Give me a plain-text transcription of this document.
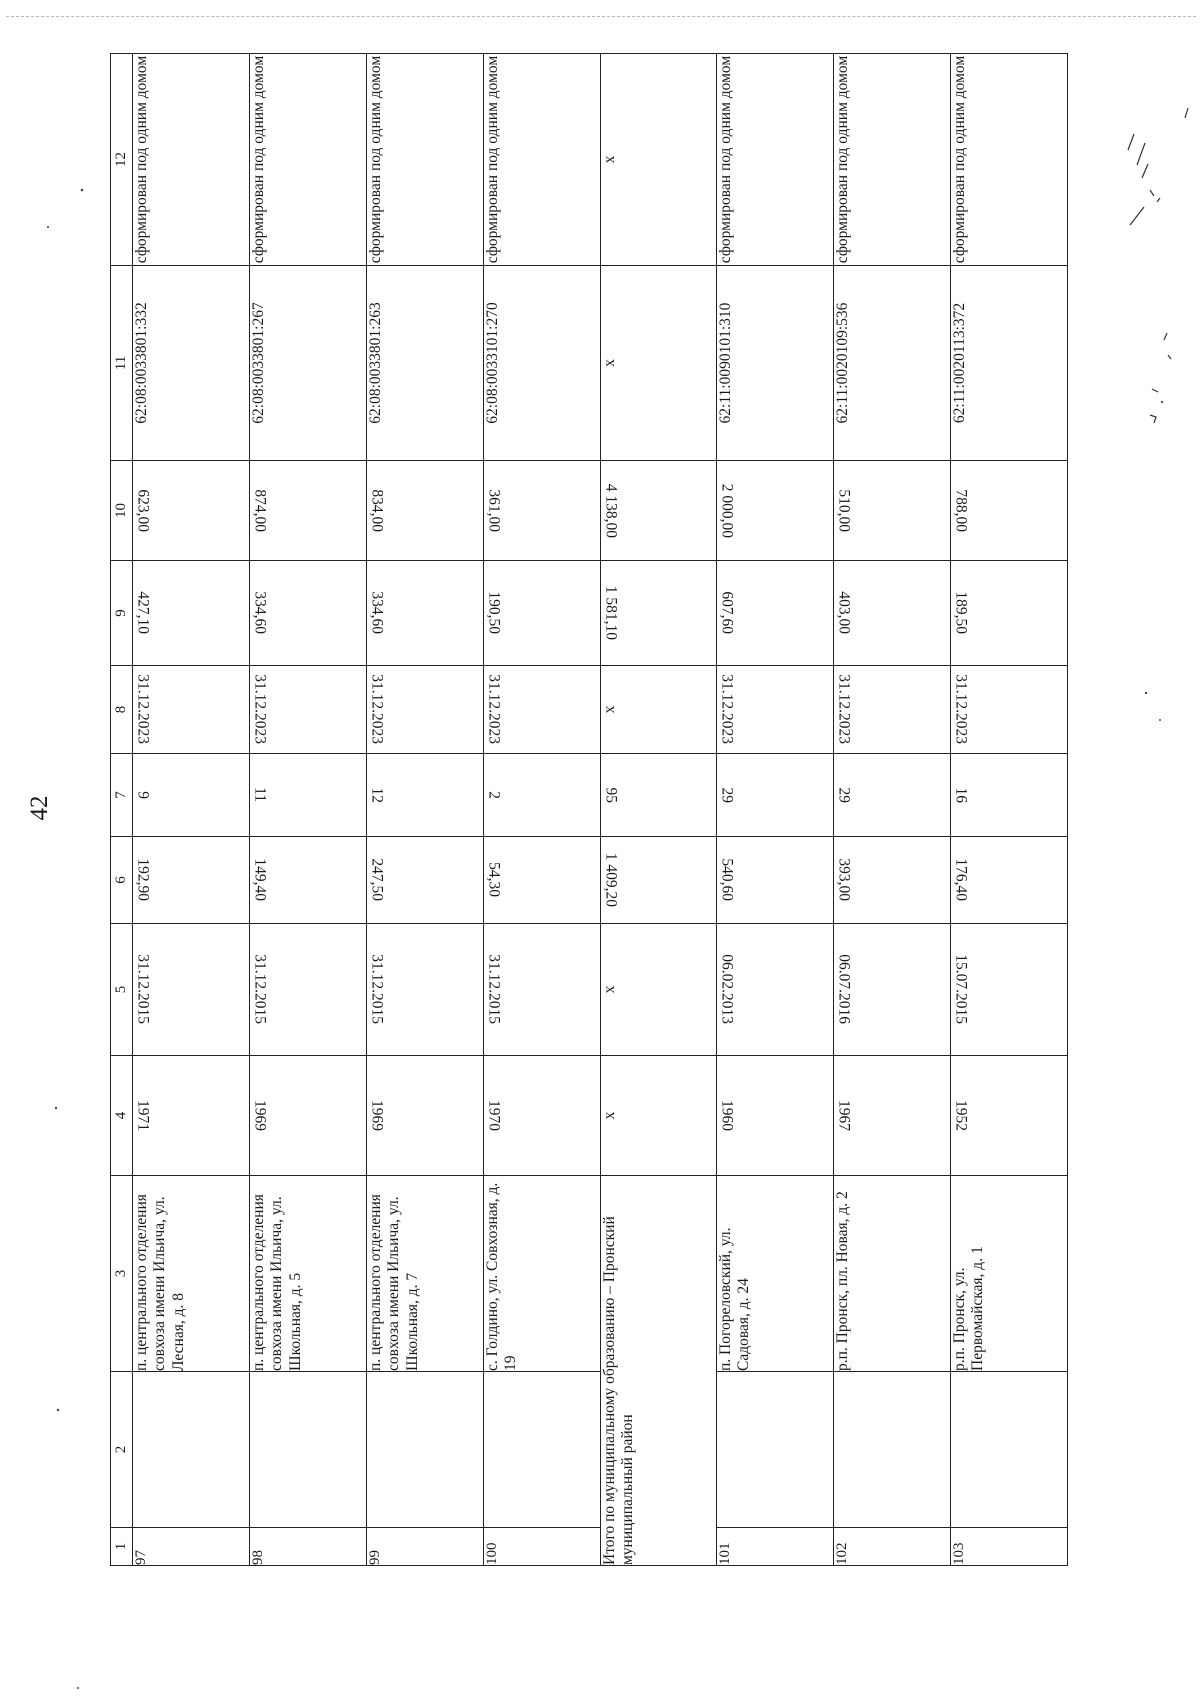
42
1	2	3	4	5	6	7	8	9	10	11	12
97		п. центрального отделения совхоза имени Ильича, ул. Лесная, д. 8	1971	31.12.2015	192,90	9	31.12.2023	427,10	623,00	62:08:0033801:332	сформирован под одним домом
98		п. центрального отделения совхоза имени Ильича, ул. Школьная, д. 5	1969	31.12.2015	149,40	11	31.12.2023	334,60	874,00	62:08:0033801:267	сформирован под одним домом
99		п. центрального отделения совхоза имени Ильича, ул. Школьная, д. 7	1969	31.12.2015	247,50	12	31.12.2023	334,60	834,00	62:08:0033801:263	сформирован под одним домом
100		с. Голдино, ул. Совхозная, д. 19	1970	31.12.2015	54,30	2	31.12.2023	190,50	361,00	62:08:0033101:270	сформирован под одним домом
Итого по муниципальному образованию – Пронский муниципальный район			х	х	1 409,20	95	х	1 581,10	4 138,00	х	х
101		п. Погореловский, ул. Садовая, д. 24	1960	06.02.2013	540,60	29	31.12.2023	607,60	2 000,00	62:11:0090101:310	сформирован под одним домом
102		р.п. Пронск, пл. Новая, д. 2	1967	06.07.2016	393,00	29	31.12.2023	403,00	510,00	62:11:0020109:536	сформирован под одним домом
103		р.п. Пронск, ул. Первомайская, д. 1	1952	15.07.2015	176,40	16	31.12.2023	189,50	788,00	62:11:0020113:372	сформирован под одним домом
